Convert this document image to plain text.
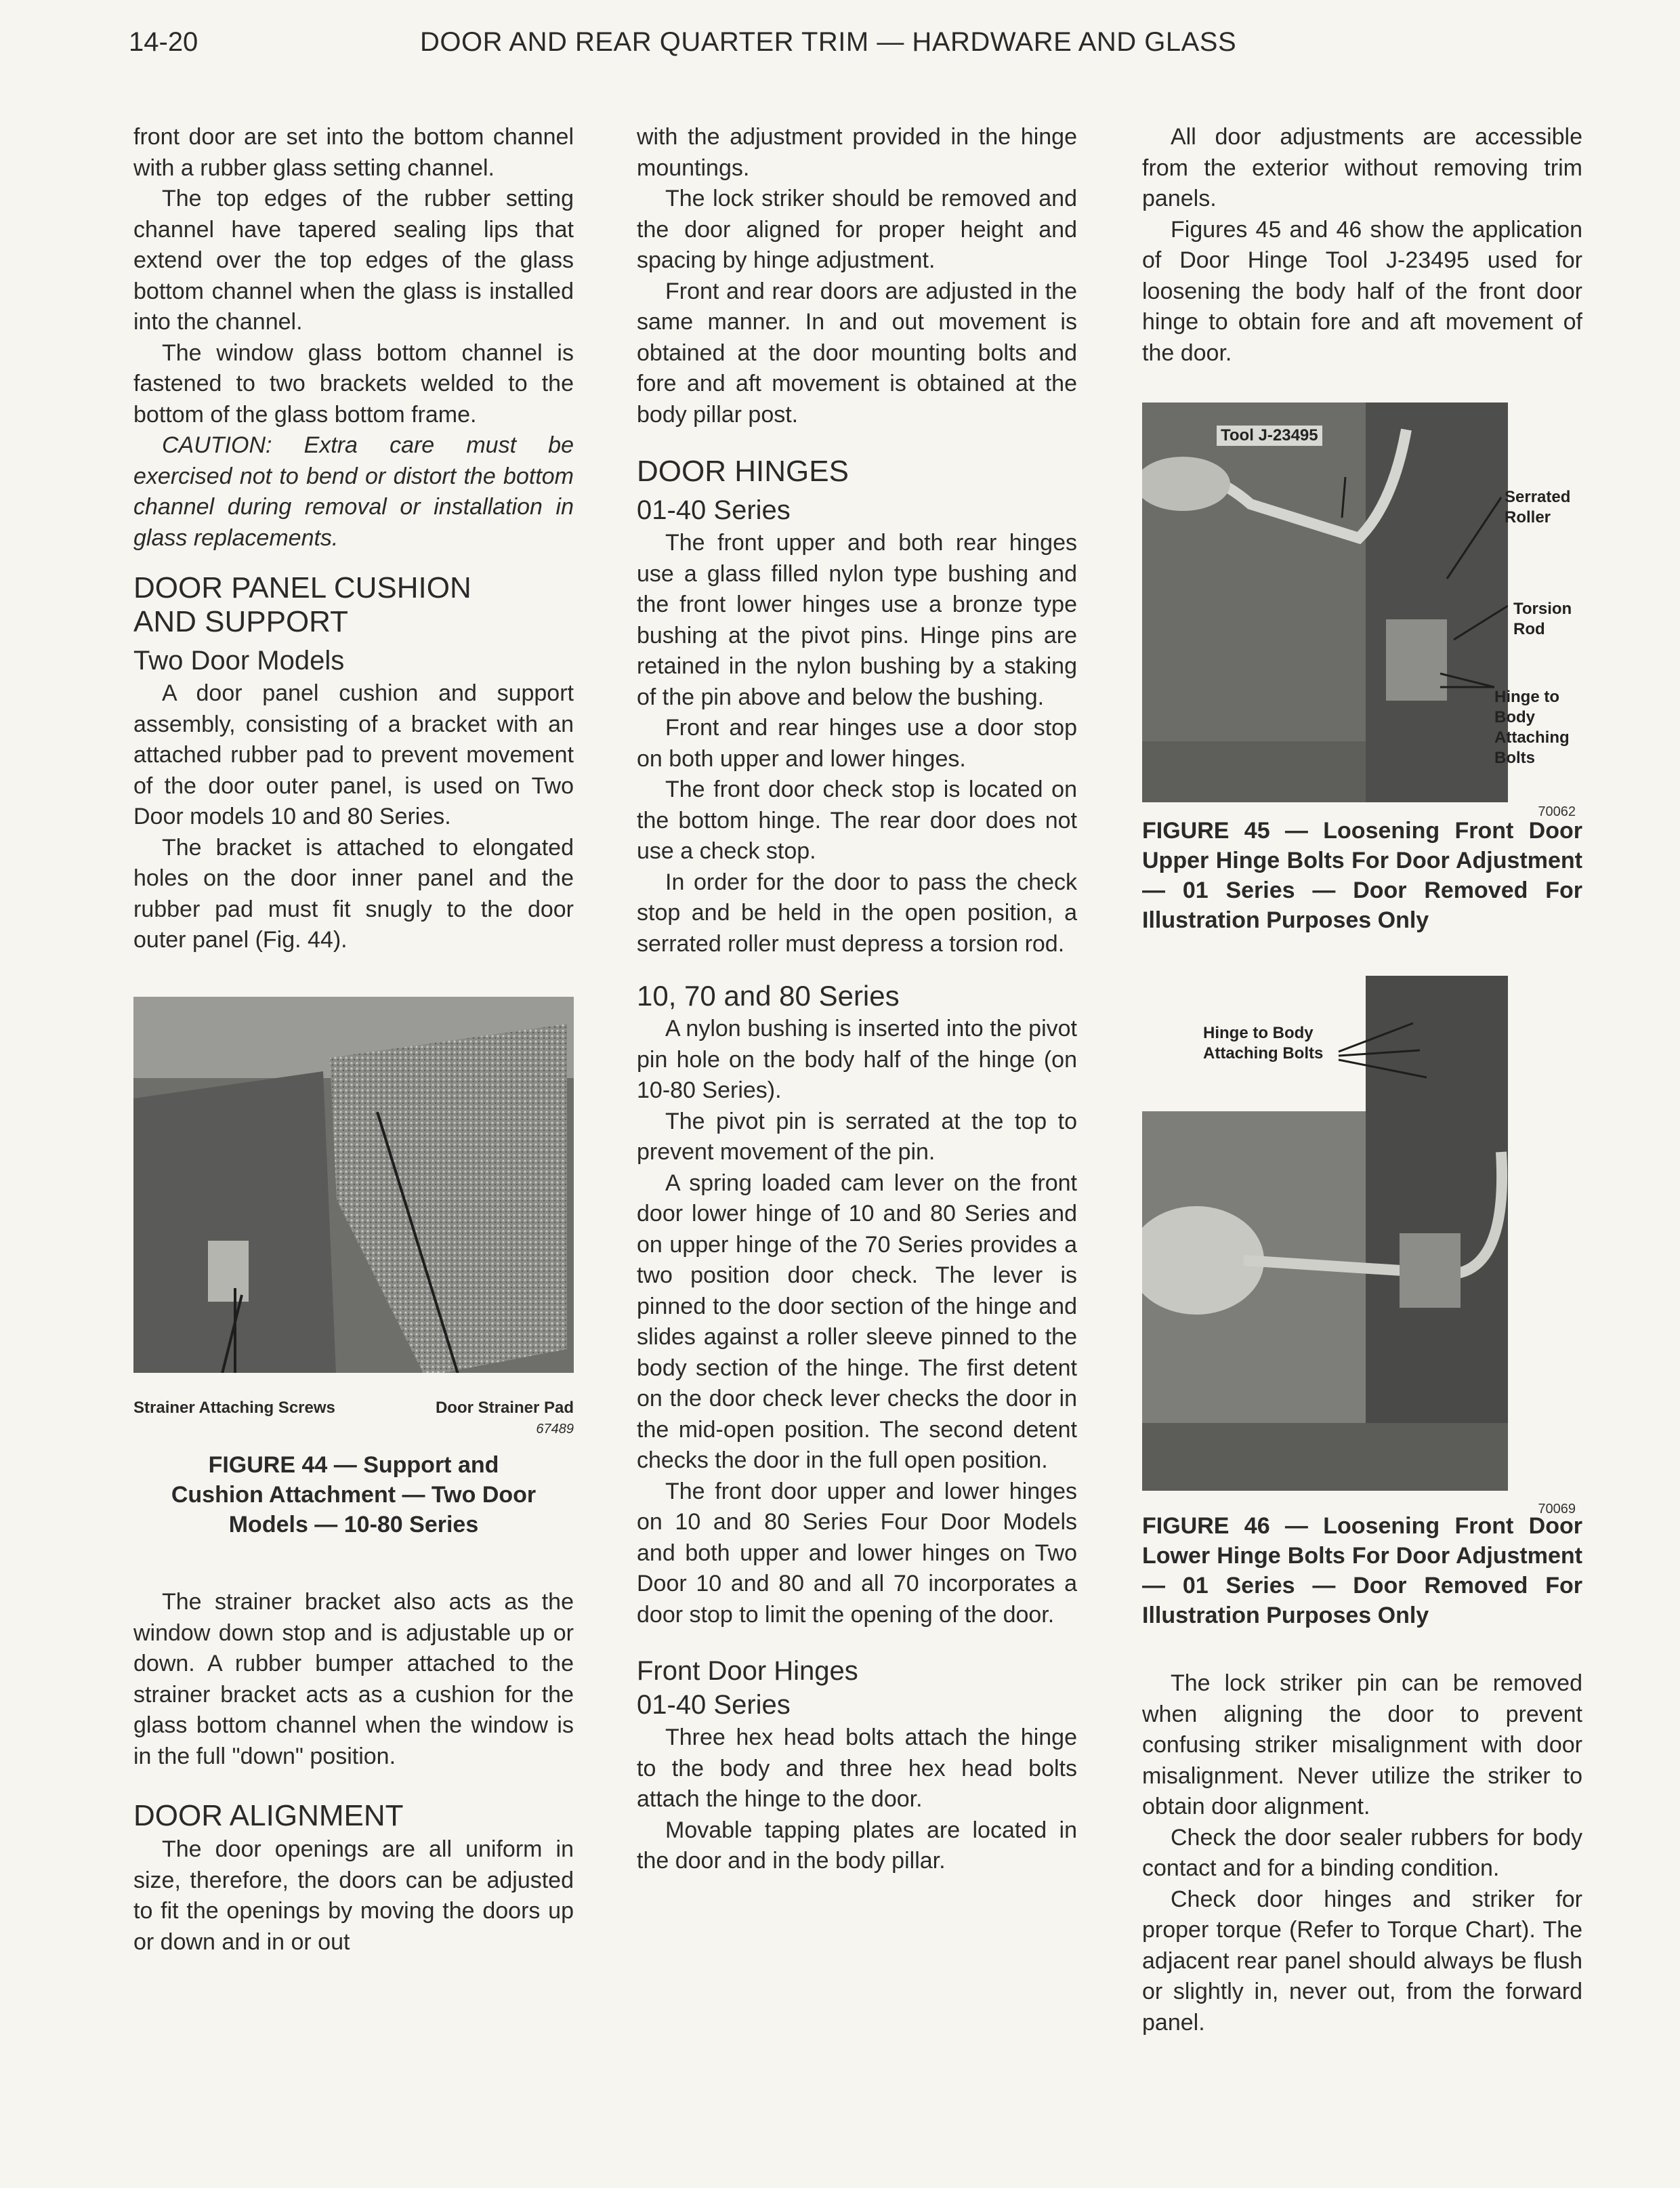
14-20	DOOR AND REAR QUARTER TRIM — HARDWARE AND GLASS

front door are set into the bottom channel with a rubber glass setting channel.

The top edges of the rubber setting channel have tapered sealing lips that extend over the top edges of the glass bottom channel when the glass is installed into the channel.

The window glass bottom channel is fastened to two brackets welded to the bottom of the glass bottom frame.

CAUTION: Extra care must be exercised not to bend or distort the bottom channel during removal or installation in glass replacements.

DOOR PANEL CUSHION
AND SUPPORT
Two Door Models

A door panel cushion and support assembly, consisting of a bracket with an attached rubber pad to prevent movement of the door outer panel, is used on Two Door models 10 and 80 Series.

The bracket is attached to elongated holes on the door inner panel and the rubber pad must fit snugly to the door outer panel (Fig. 44).

Strainer Attaching Screws	Door Strainer Pad
67489

FIGURE 44 — Support and Cushion Attachment — Two Door Models — 10-80 Series

The strainer bracket also acts as the window down stop and is adjustable up or down. A rubber bumper attached to the strainer bracket acts as a cushion for the glass bottom channel when the window is in the full "down" position.

DOOR ALIGNMENT

The door openings are all uniform in size, therefore, the doors can be adjusted to fit the openings by moving the doors up or down and in or out

with the adjustment provided in the hinge mountings.

The lock striker should be removed and the door aligned for proper height and spacing by hinge adjustment.

Front and rear doors are adjusted in the same manner. In and out movement is obtained at the door mounting bolts and fore and aft movement is obtained at the body pillar post.

DOOR HINGES
01-40 Series

The front upper and both rear hinges use a glass filled nylon type bushing and the front lower hinges use a bronze type bushing at the pivot pins. Hinge pins are retained in the nylon bushing by a staking of the pin above and below the bushing.

Front and rear hinges use a door stop on both upper and lower hinges.

The front door check stop is located on the bottom hinge. The rear door does not use a check stop.

In order for the door to pass the check stop and be held in the open position, a serrated roller must depress a torsion rod.

10, 70 and 80 Series

A nylon bushing is inserted into the pivot pin hole on the body half of the hinge (on 10-80 Series).

The pivot pin is serrated at the top to prevent movement of the pin.

A spring loaded cam lever on the front door lower hinge of 10 and 80 Series and on upper hinge of the 70 Series provides a two position door check. The lever is pinned to the door section of the hinge and slides against a roller sleeve pinned to the body section of the hinge. The first detent on the door check lever checks the door in the mid-open position. The second detent checks the door in the full open position.

The front door upper and lower hinges on 10 and 80 Series Four Door Models and both upper and lower hinges on Two Door 10 and 80 and all 70 incorporates a door stop to limit the opening of the door.

Front Door Hinges
01-40 Series

Three hex head bolts attach the hinge to the body and three hex head bolts attach the hinge to the door.

Movable tapping plates are located in the door and in the body pillar.

All door adjustments are accessible from the exterior without removing trim panels.

Figures 45 and 46 show the application of Door Hinge Tool J-23495 used for loosening the body half of the front door hinge to obtain fore and aft movement of the door.

Tool J-23495
Serrated Roller
Torsion Rod
Hinge to Body Attaching Bolts
70062

FIGURE 45 — Loosening Front Door Upper Hinge Bolts For Door Adjustment — 01 Series — Door Removed For Illustration Purposes Only

Hinge to Body Attaching Bolts
70069

FIGURE 46 — Loosening Front Door Lower Hinge Bolts For Door Adjustment — 01 Series — Door Removed For Illustration Purposes Only

The lock striker pin can be removed when aligning the door to prevent confusing striker misalignment with door misalignment. Never utilize the striker to obtain door alignment.

Check the door sealer rubbers for body contact and for a binding condition.

Check door hinges and striker for proper torque (Refer to Torque Chart). The adjacent rear panel should always be flush or slightly in, never out, from the forward panel.
